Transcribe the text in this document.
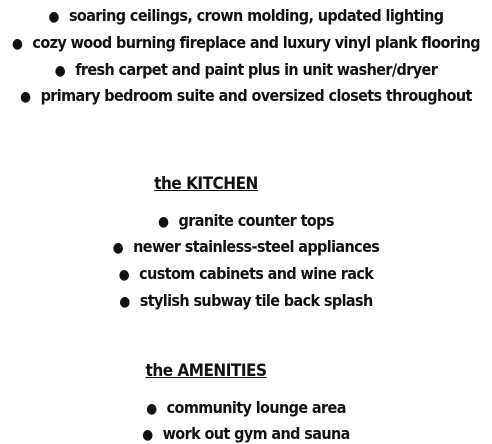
● soaring ceilings, crown molding, updated lighting
● cozy wood burning fireplace and luxury vinyl plank flooring
● fresh carpet and paint plus in unit washer/dryer
● primary bedroom suite and oversized closets throughout
the KITCHEN
● granite counter tops
● newer stainless-steel appliances
● custom cabinets and wine rack
● stylish subway tile back splash
the AMENITIES
● community lounge area
● work out gym and sauna
